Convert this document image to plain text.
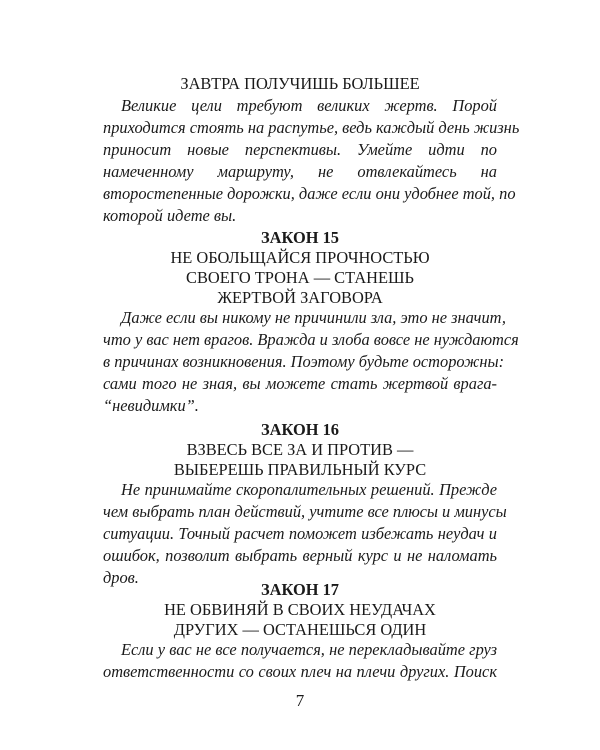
ЗАВТРА ПОЛУЧИШЬ БОЛЬШЕЕ
Великие цели требуют великих жертв. Порой
приходится стоять на распутье, ведь каждый день жизнь
приносит новые перспективы. Умейте идти по
намеченному маршруту, не отвлекайтесь на
второстепенные дорожки, даже если они удобнее той, по
которой идете вы.
ЗАКОН 15
НЕ ОБОЛЬЩАЙСЯ ПРОЧНОСТЬЮ
СВОЕГО ТРОНА — СТАНЕШЬ
ЖЕРТВОЙ ЗАГОВОРА
Даже если вы никому не причинили зла, это не значит,
что у вас нет врагов. Вражда и злоба вовсе не нуждаются
в причинах возникновения. Поэтому будьте осторожны:
сами того не зная, вы можете стать жертвой врага-
“невидимки”.
ЗАКОН 16
ВЗВЕСЬ ВСЕ ЗА И ПРОТИВ —
ВЫБЕРЕШЬ ПРАВИЛЬНЫЙ КУРС
Не принимайте скоропалительных решений. Прежде
чем выбрать план действий, учтите все плюсы и минусы
ситуации. Точный расчет поможет избежать неудач и
ошибок, позволит выбрать верный курс и не наломать
дров.
ЗАКОН 17
НЕ ОБВИНЯЙ В СВОИХ НЕУДАЧАХ
ДРУГИХ — ОСТАНЕШЬСЯ ОДИН
Если у вас не все получается, не перекладывайте груз
7
ответственности со своих плеч на плечи других. Поиск
